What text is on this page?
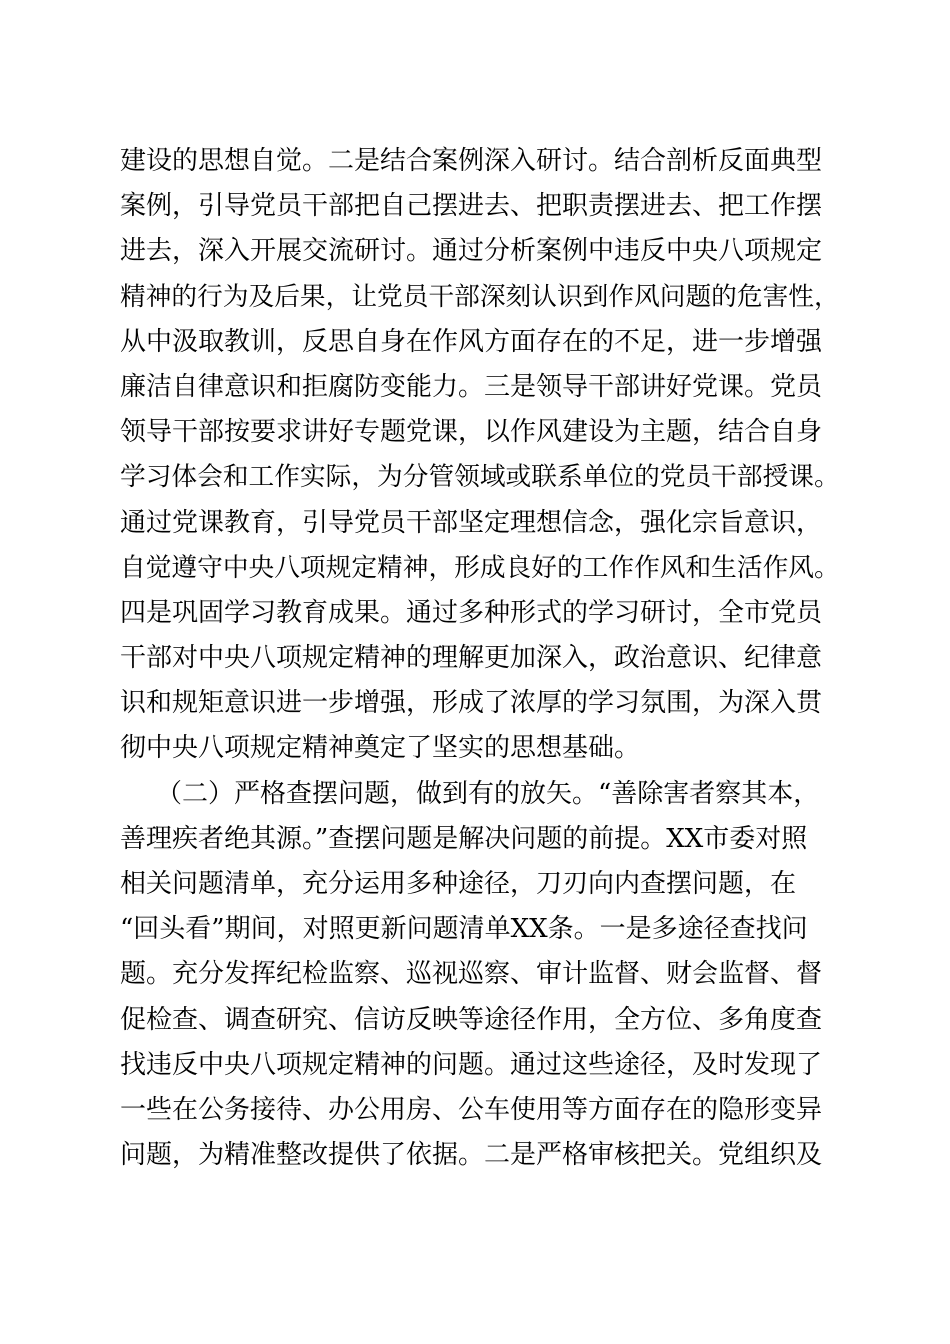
建设的思想自觉。二是结合案例深入研讨。结合剖析反面典型
案例，引导党员干部把自己摆进去、把职责摆进去、把工作摆
进去，深入开展交流研讨。通过分析案例中违反中央八项规定
精神的行为及后果，让党员干部深刻认识到作风问题的危害性，
从中汲取教训，反思自身在作风方面存在的不足，进一步增强
廉洁自律意识和拒腐防变能力。三是领导干部讲好党课。党员
领导干部按要求讲好专题党课，以作风建设为主题，结合自身
学习体会和工作实际，为分管领域或联系单位的党员干部授课。
通过党课教育，引导党员干部坚定理想信念，强化宗旨意识，
自觉遵守中央八项规定精神，形成良好的工作作风和生活作风。
四是巩固学习教育成果。通过多种形式的学习研讨，全市党员
干部对中央八项规定精神的理解更加深入，政治意识、纪律意
识和规矩意识进一步增强，形成了浓厚的学习氛围，为深入贯
彻中央八项规定精神奠定了坚实的思想基础。
（二）严格查摆问题，做到有的放矢。“善除害者察其本，
善理疾者绝其源。”查摆问题是解决问题的前提。XX市委对照
相关问题清单，充分运用多种途径，刀刃向内查摆问题，在
“回头看”期间，对照更新问题清单XX条。一是多途径查找问
题。充分发挥纪检监察、巡视巡察、审计监督、财会监督、督
促检查、调查研究、信访反映等途径作用，全方位、多角度查
找违反中央八项规定精神的问题。通过这些途径，及时发现了
一些在公务接待、办公用房、公车使用等方面存在的隐形变异
问题，为精准整改提供了依据。二是严格审核把关。党组织及
